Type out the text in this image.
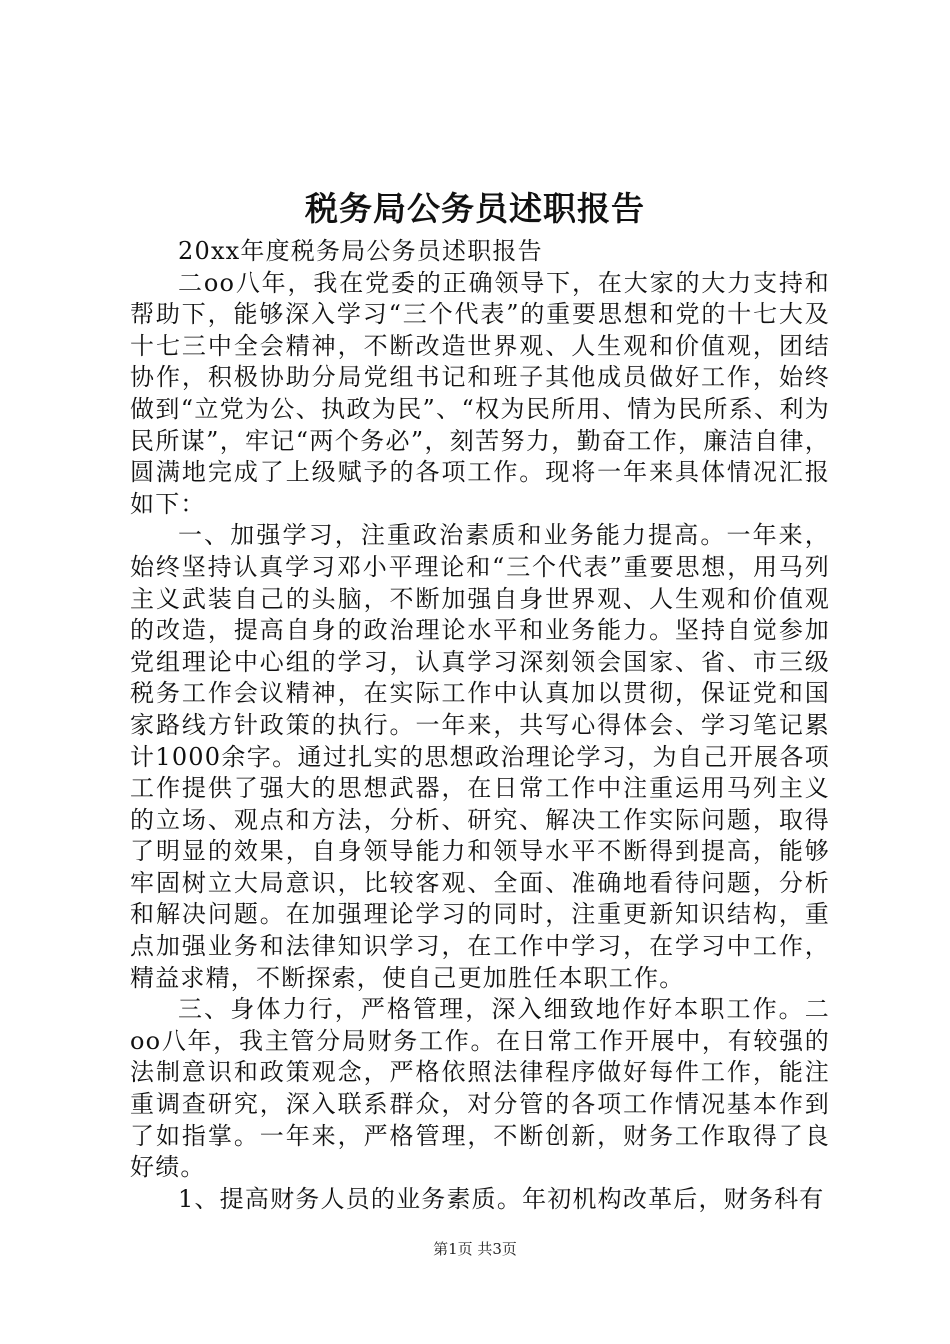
税务局公务员述职报告

20xx年度税务局公务员述职报告

二oo八年，我在党委的正确领导下，在大家的大力支持和帮助下，能够深入学习“三个代表”的重要思想和党的十七大及十七三中全会精神，不断改造世界观、人生观和价值观，团结协作，积极协助分局党组书记和班子其他成员做好工作，始终做到“立党为公、执政为民”、“权为民所用、情为民所系、利为民所谋”，牢记“两个务必”，刻苦努力，勤奋工作，廉洁自律，圆满地完成了上级赋予的各项工作。现将一年来具体情况汇报如下：

一、加强学习，注重政治素质和业务能力提高。一年来，始终坚持认真学习邓小平理论和“三个代表”重要思想，用马列主义武装自己的头脑，不断加强自身世界观、人生观和价值观的改造，提高自身的政治理论水平和业务能力。坚持自觉参加党组理论中心组的学习，认真学习深刻领会国家、省、市三级税务工作会议精神，在实际工作中认真加以贯彻，保证党和国家路线方针政策的执行。一年来，共写心得体会、学习笔记累计1000余字。通过扎实的思想政治理论学习，为自己开展各项工作提供了强大的思想武器，在日常工作中注重运用马列主义的立场、观点和方法，分析、研究、解决工作实际问题，取得了明显的效果，自身领导能力和领导水平不断得到提高，能够牢固树立大局意识，比较客观、全面、准确地看待问题，分析和解决问题。在加强理论学习的同时，注重更新知识结构，重点加强业务和法律知识学习，在工作中学习，在学习中工作，精益求精，不断探索，使自己更加胜任本职工作。

三、身体力行，严格管理，深入细致地作好本职工作。二oo八年，我主管分局财务工作。在日常工作开展中，有较强的法制意识和政策观念，严格依照法律程序做好每件工作，能注重调查研究，深入联系群众，对分管的各项工作情况基本作到了如指掌。一年来，严格管理，不断创新，财务工作取得了良好绩。

1、提高财务人员的业务素质。年初机构改革后，财务科有

第1页 共3页
